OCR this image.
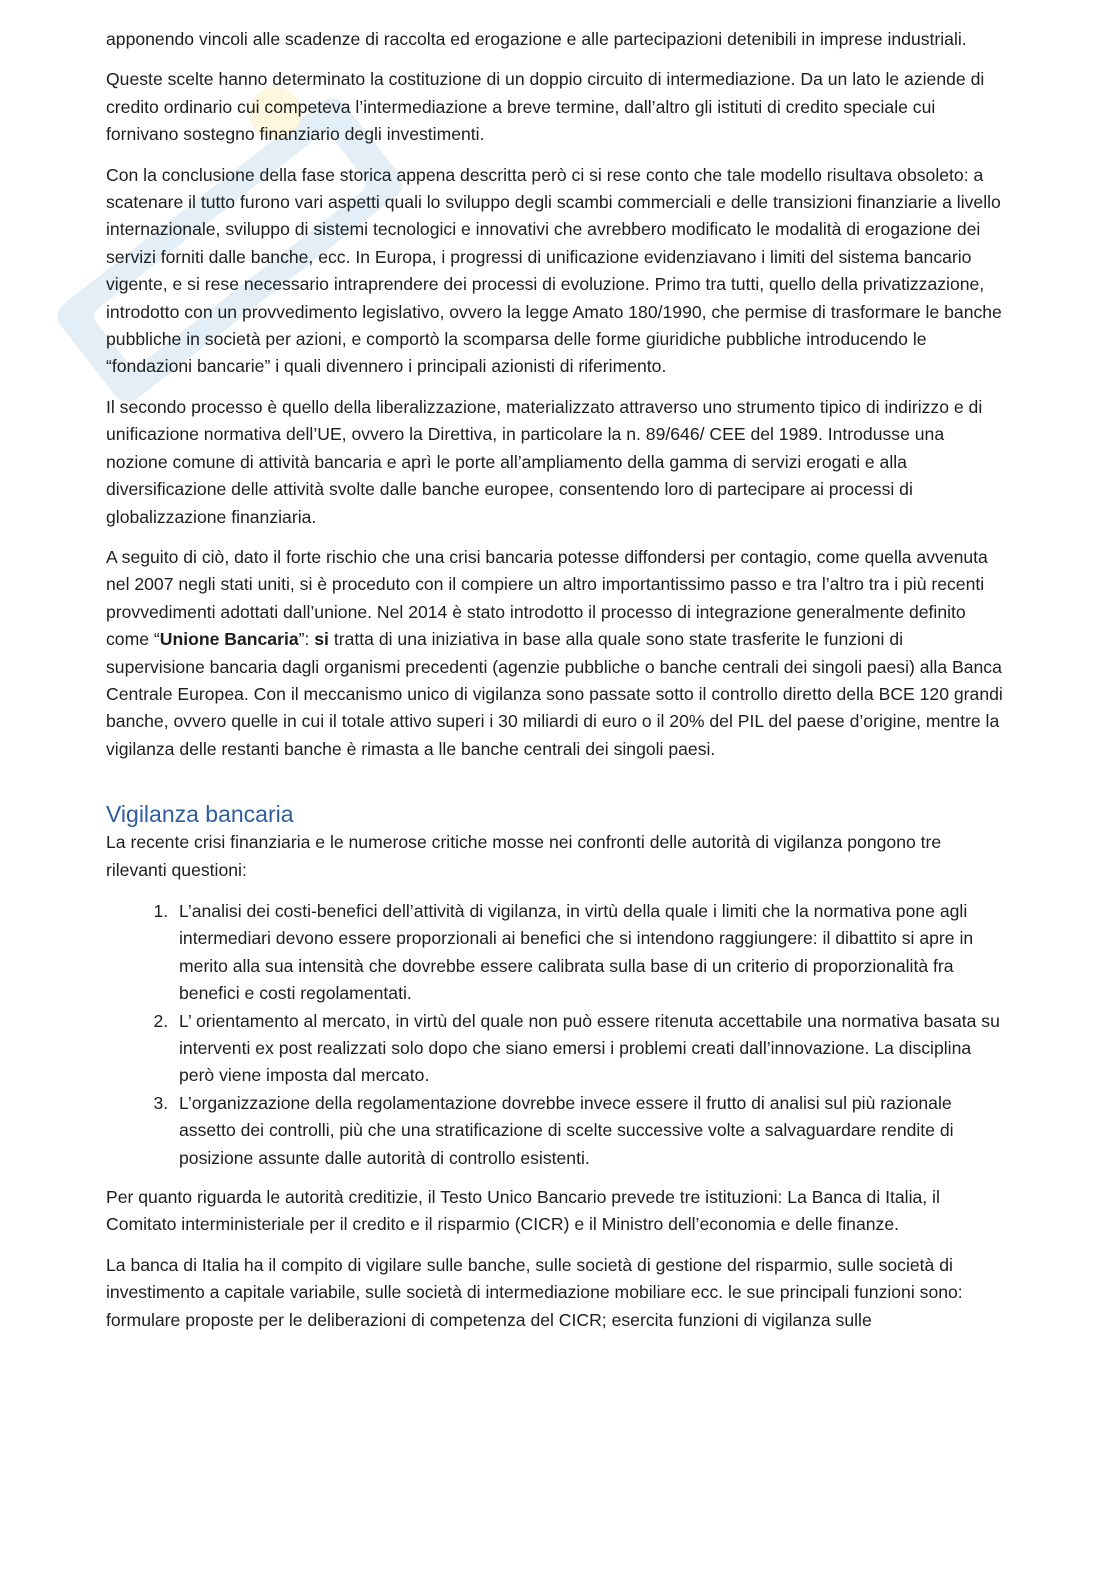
apponendo vincoli alle scadenze di raccolta ed erogazione e alle partecipazioni detenibili in imprese industriali.

Queste scelte hanno determinato la costituzione di un doppio circuito di intermediazione. Da un lato le aziende di credito ordinario cui competeva l’intermediazione a breve termine, dall’altro gli istituti di credito speciale cui fornivano sostegno finanziario degli investimenti.

Con la conclusione della fase storica appena descritta però ci si rese conto che tale modello risultava obsoleto: a scatenare il tutto furono vari aspetti quali lo sviluppo degli scambi commerciali e delle transizioni finanziarie a livello internazionale, sviluppo di sistemi tecnologici e innovativi che avrebbero modificato le modalità di erogazione dei servizi forniti dalle banche, ecc. In Europa, i progressi di unificazione evidenziavano i limiti del sistema bancario vigente, e si rese necessario intraprendere dei processi di evoluzione. Primo tra tutti, quello della privatizzazione, introdotto con un provvedimento legislativo, ovvero la legge Amato 180/1990, che permise di trasformare le banche pubbliche in società per azioni, e comportò la scomparsa delle forme giuridiche pubbliche introducendo le “fondazioni bancarie” i quali divennero i principali azionisti di riferimento.

Il secondo processo è quello della liberalizzazione, materializzato attraverso uno strumento tipico di indirizzo e di unificazione normativa dell’UE, ovvero la Direttiva, in particolare la n. 89/646/ CEE del 1989. Introdusse una nozione comune di attività bancaria e aprì le porte all’ampliamento della gamma di servizi erogati e alla diversificazione delle attività svolte dalle banche europee, consentendo loro di partecipare ai processi di globalizzazione finanziaria.

A seguito di ciò, dato il forte rischio che una crisi bancaria potesse diffondersi per contagio, come quella avvenuta nel 2007 negli stati uniti, si è proceduto con il compiere un altro importantissimo passo e tra l’altro tra i più recenti provvedimenti adottati dall’unione. Nel 2014 è stato introdotto il processo di integrazione generalmente definito come “Unione Bancaria”: si tratta di una iniziativa in base alla quale sono state trasferite le funzioni di supervisione bancaria dagli organismi precedenti (agenzie pubbliche o banche centrali dei singoli paesi) alla Banca Centrale Europea. Con il meccanismo unico di vigilanza sono passate sotto il controllo diretto della BCE 120 grandi banche, ovvero quelle in cui il totale attivo superi i 30 miliardi di euro o il 20% del PIL del paese d’origine, mentre la vigilanza delle restanti banche è rimasta a lle banche centrali dei singoli paesi.

Vigilanza bancaria

La recente crisi finanziaria e le numerose critiche mosse nei confronti delle autorità di vigilanza pongono tre rilevanti questioni:

1. L’analisi dei costi-benefici dell’attività di vigilanza, in virtù della quale i limiti che la normativa pone agli intermediari devono essere proporzionali ai benefici che si intendono raggiungere: il dibattito si apre in merito alla sua intensità che dovrebbe essere calibrata sulla base di un criterio di proporzionalità fra benefici e costi regolamentati.
2. L’ orientamento al mercato, in virtù del quale non può essere ritenuta accettabile una normativa basata su interventi ex post realizzati solo dopo che siano emersi i problemi creati dall’innovazione. La disciplina però viene imposta dal mercato.
3. L’organizzazione della regolamentazione dovrebbe invece essere il frutto di analisi sul più razionale assetto dei controlli, più che una stratificazione di scelte successive volte a salvaguardare rendite di posizione assunte dalle autorità di controllo esistenti.

Per quanto riguarda le autorità creditizie, il Testo Unico Bancario prevede tre istituzioni: La Banca di Italia, il Comitato interministeriale per il credito e il risparmio (CICR) e il Ministro dell’economia e delle finanze.

La banca di Italia ha il compito di vigilare sulle banche, sulle società di gestione del risparmio, sulle società di investimento a capitale variabile, sulle società di intermediazione mobiliare ecc. le sue principali funzioni sono: formulare proposte per le deliberazioni di competenza del CICR; esercita funzioni di vigilanza sulle
